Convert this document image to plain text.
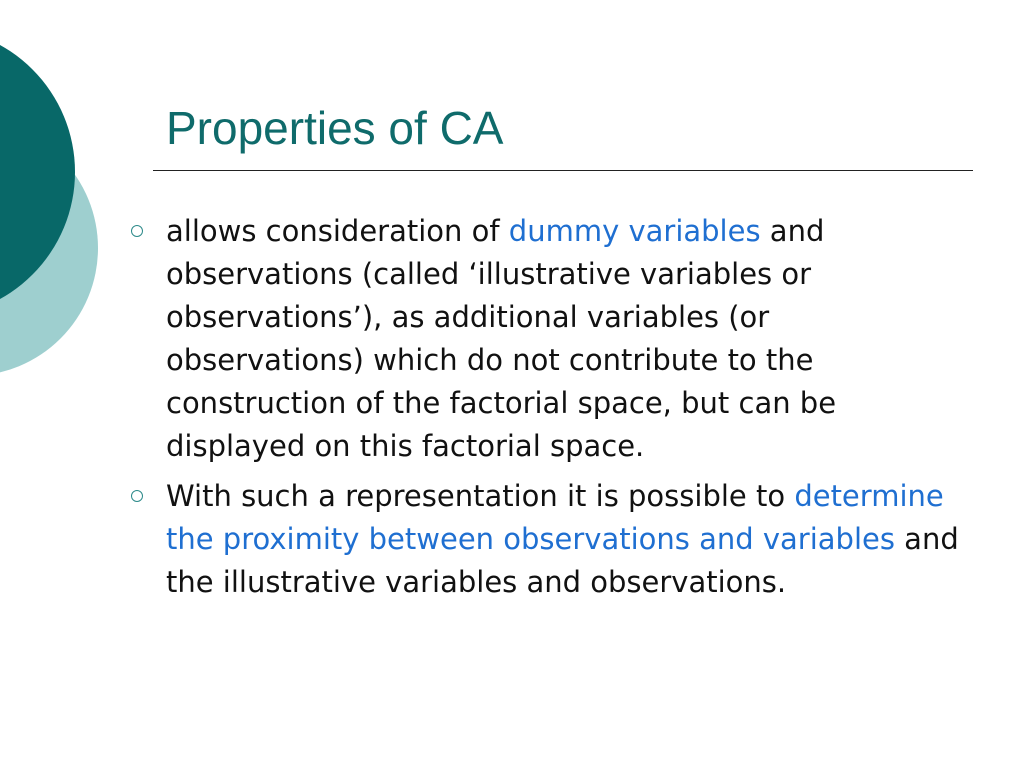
Properties of CA
allows consideration of dummy variables and observations (called ‘illustrative variables or observations’), as additional variables (or observations) which do not contribute to the construction of the factorial space, but can be displayed on this factorial space.
With such a representation it is possible to determine the proximity between observations and variables and the illustrative variables and observations.
